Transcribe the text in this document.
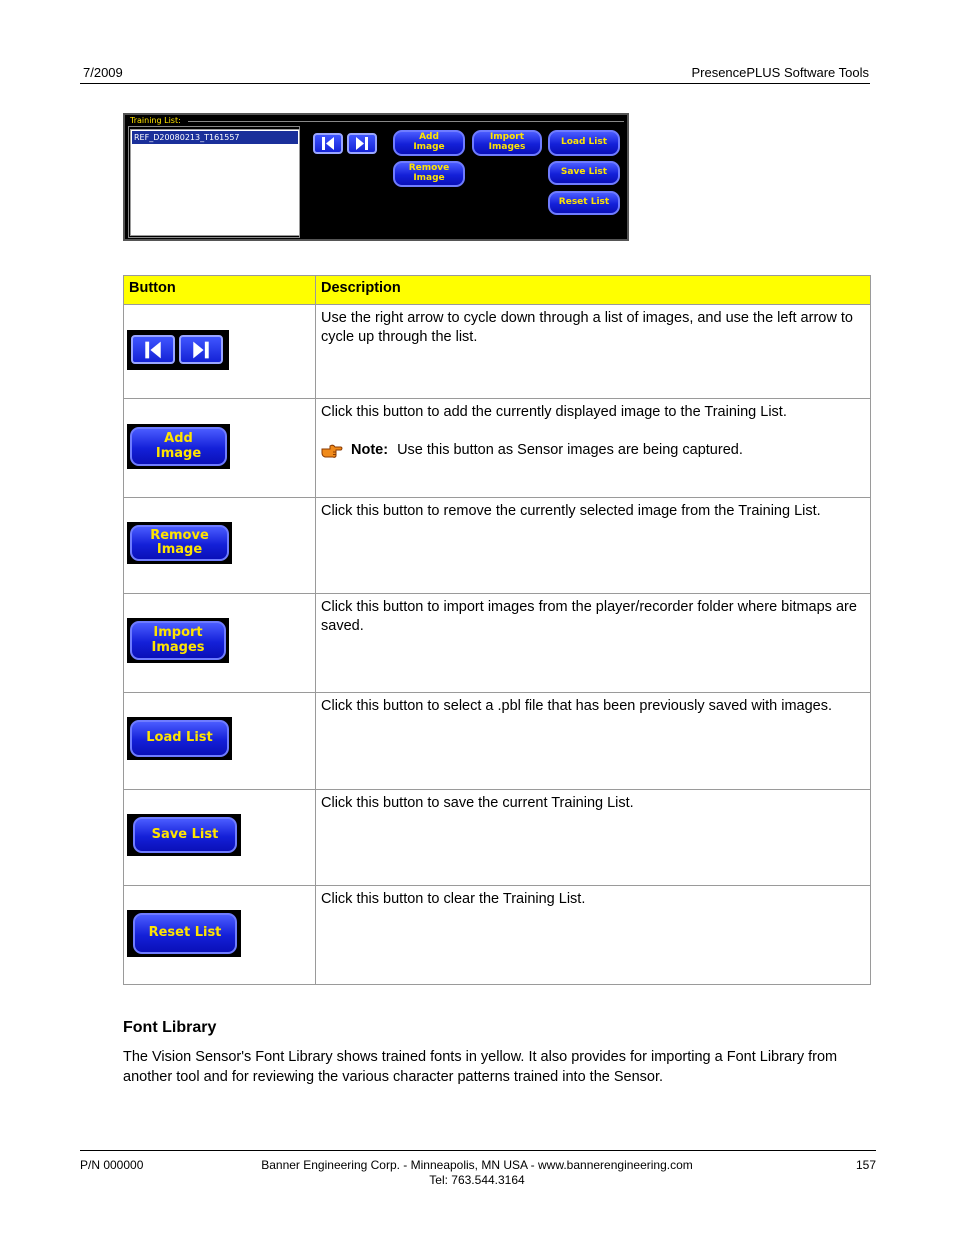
7/2009	PresencePLUS Software Tools
Training List:
REF_D20080213_T161557	Add Image
Remove Image
Import Images	Load List
Save List
Reset List
Button	Description

	Use the right arrow to cycle down through a list of images, and use the left arrow to cycle up through the list.

Add Image	Click this button to add the currently displayed image to the Training List.
Note: Use this button as Sensor images are being captured.

Remove Image	Click this button to remove the currently selected image from the Training List.

Import Images	Click this button to import images from the player/recorder folder where bitmaps are saved.

Load List	Click this button to select a .pbl file that has been previously saved with images.

Save List	Click this button to save the current Training List.

Reset List	Click this button to clear the Training List.
Font Library
The Vision Sensor's Font Library shows trained fonts in yellow. It also provides for importing a Font Library from another tool and for reviewing the various character patterns trained into the Sensor.
P/N 000000	Banner Engineering Corp. - Minneapolis, MN USA - www.bannerengineering.com
Tel: 763.544.3164
157
